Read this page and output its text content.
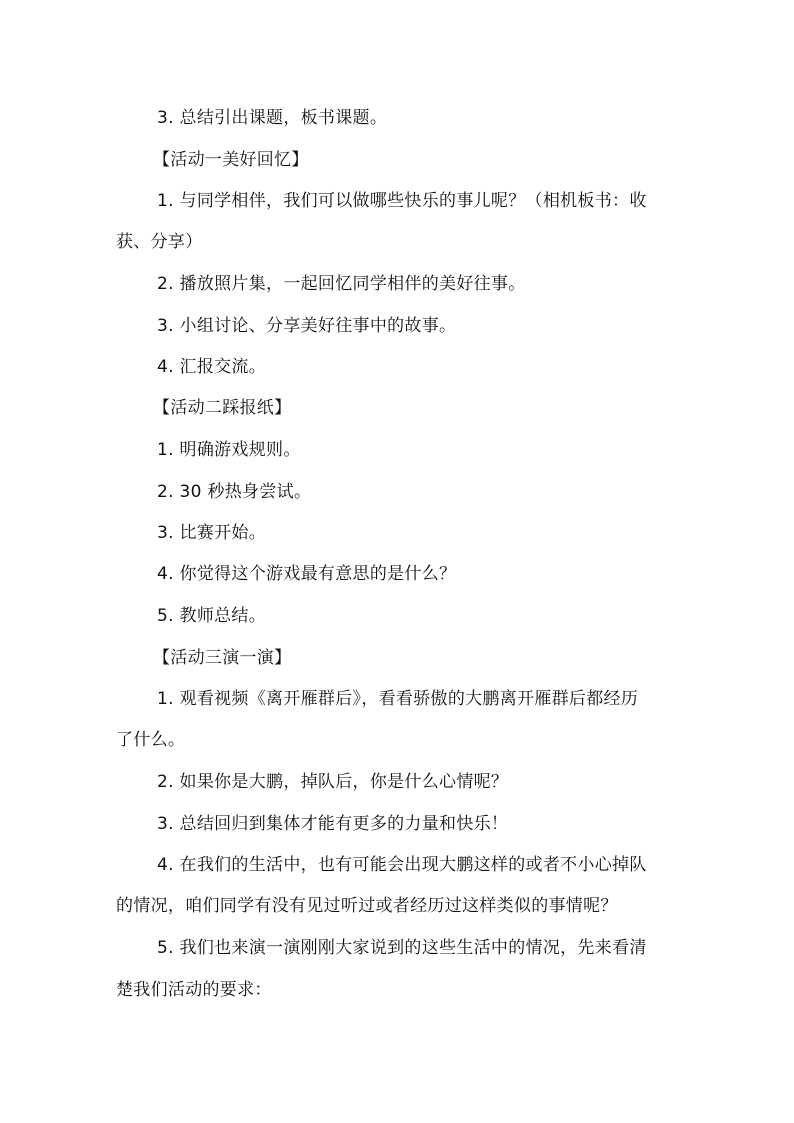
3. 总结引出课题，板书课题。
【活动一美好回忆】
1. 与同学相伴，我们可以做哪些快乐的事儿呢？（相机板书：收
获、分享）
2. 播放照片集，一起回忆同学相伴的美好往事。
3. 小组讨论、分享美好往事中的故事。
4. 汇报交流。
【活动二踩报纸】
1. 明确游戏规则。
2. 30 秒热身尝试。
3. 比赛开始。
4. 你觉得这个游戏最有意思的是什么？
5. 教师总结。
【活动三演一演】
1. 观看视频《离开雁群后》，看看骄傲的大鹏离开雁群后都经历
了什么。
2. 如果你是大鹏，掉队后，你是什么心情呢？
3. 总结回归到集体才能有更多的力量和快乐！
4. 在我们的生活中，也有可能会出现大鹏这样的或者不小心掉队
的情况，咱们同学有没有见过听过或者经历过这样类似的事情呢？
5. 我们也来演一演刚刚大家说到的这些生活中的情况，先来看清
楚我们活动的要求：
